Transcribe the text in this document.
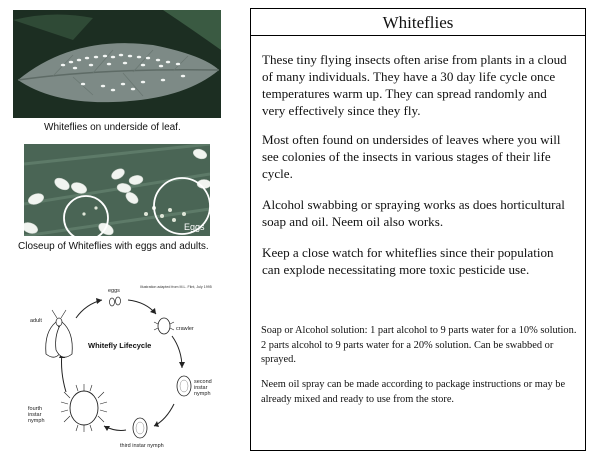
Whiteflies on underside of leaf.
Eggs
Closeup of Whiteflies with eggs and adults.
Illustration adapted from M.L. Flint, July 1995
eggs
crawler
second instar nymph
third instar nymph
fourth instar nymph
adult
Whitefly Lifecycle
Whiteflies

These tiny flying insects often arise from plants in a cloud of many individuals. They have a 30 day life cycle once temperatures warm up. They can spread randomly and very effectively since they fly.

Most often found on undersides of leaves where you will see colonies of the insects in various stages of their life cycle.

Alcohol swabbing or spraying works as does horticultural soap and oil. Neem oil also works.

Keep a close watch for whiteflies since their population can explode necessitating more toxic pesticide use.

Soap or Alcohol solution: 1 part alcohol to 9 parts water for a 10% solution. 2 parts alcohol to 9 parts water for a 20% solution. Can be swabbed or sprayed.

Neem oil spray can be made according to package instructions or may be already mixed and ready to use from the store.
